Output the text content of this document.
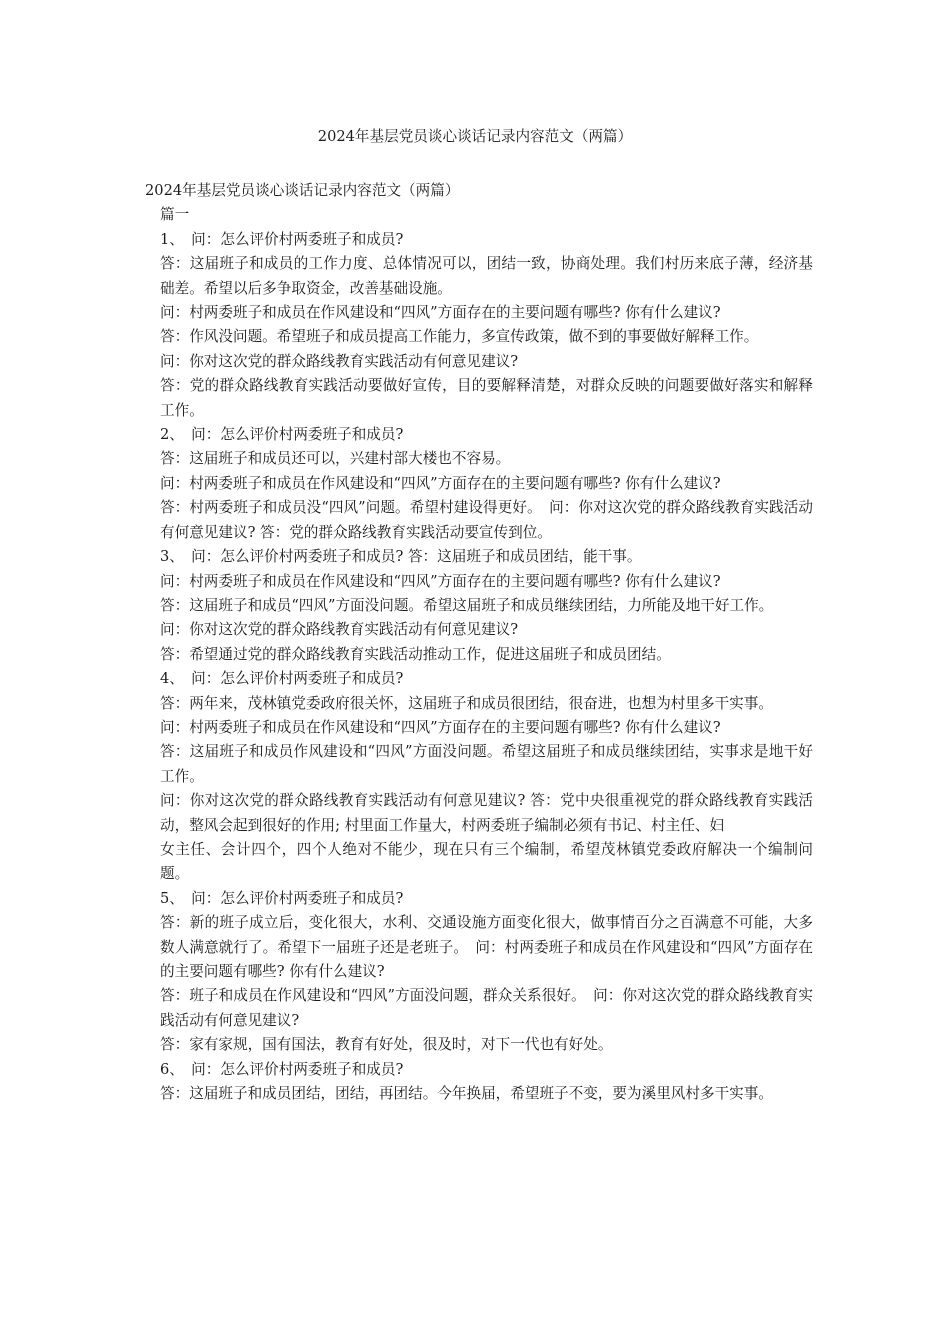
2024年基层党员谈心谈话记录内容范文（两篇）

2024年基层党员谈心谈话记录内容范文（两篇）

篇一

1、　问：怎么评价村两委班子和成员?

答：这届班子和成员的工作力度、总体情况可以，团结一致，协商处理。我们村历来底子薄，经济基础差。希望以后多争取资金，改善基础设施。

问：村两委班子和成员在作风建设和“四风”方面存在的主要问题有哪些? 你有什么建议?

答：作风没问题。希望班子和成员提高工作能力，多宣传政策，做不到的事要做好解释工作。

问：你对这次党的群众路线教育实践活动有何意见建议?

答：党的群众路线教育实践活动要做好宣传，目的要解释清楚，对群众反映的问题要做好落实和解释工作。

2、　问：怎么评价村两委班子和成员?

答：这届班子和成员还可以，兴建村部大楼也不容易。

问：村两委班子和成员在作风建设和“四风”方面存在的主要问题有哪些? 你有什么建议?

答：村两委班子和成员没“四风”问题。希望村建设得更好。　问：你对这次党的群众路线教育实践活动有何意见建议? 答：党的群众路线教育实践活动要宣传到位。

3、　问：怎么评价村两委班子和成员? 答：这届班子和成员团结，能干事。

问：村两委班子和成员在作风建设和“四风”方面存在的主要问题有哪些? 你有什么建议?

答：这届班子和成员“四风”方面没问题。希望这届班子和成员继续团结，力所能及地干好工作。

问：你对这次党的群众路线教育实践活动有何意见建议?

答：希望通过党的群众路线教育实践活动推动工作，促进这届班子和成员团结。

4、　问：怎么评价村两委班子和成员?

答：两年来，茂林镇党委政府很关怀，这届班子和成员很团结，很奋进，也想为村里多干实事。

问：村两委班子和成员在作风建设和“四风”方面存在的主要问题有哪些? 你有什么建议?

答：这届班子和成员作风建设和“四风”方面没问题。希望这届班子和成员继续团结，实事求是地干好工作。

问：你对这次党的群众路线教育实践活动有何意见建议? 答：党中央很重视党的群众路线教育实践活动，整风会起到很好的作用; 村里面工作量大，村两委班子编制必须有书记、村主任、妇

女主任、会计四个，四个人绝对不能少，现在只有三个编制，希望茂林镇党委政府解决一个编制问题。

5、　问：怎么评价村两委班子和成员?

答：新的班子成立后，变化很大，水利、交通设施方面变化很大，做事情百分之百满意不可能，大多数人满意就行了。希望下一届班子还是老班子。　问：村两委班子和成员在作风建设和“四风”方面存在的主要问题有哪些? 你有什么建议?

答：班子和成员在作风建设和“四风”方面没问题，群众关系很好。　问：你对这次党的群众路线教育实践活动有何意见建议?

答：家有家规，国有国法，教育有好处，很及时，对下一代也有好处。

6、　问：怎么评价村两委班子和成员?

答：这届班子和成员团结，团结，再团结。今年换届，希望班子不变，要为溪里风村多干实事。
